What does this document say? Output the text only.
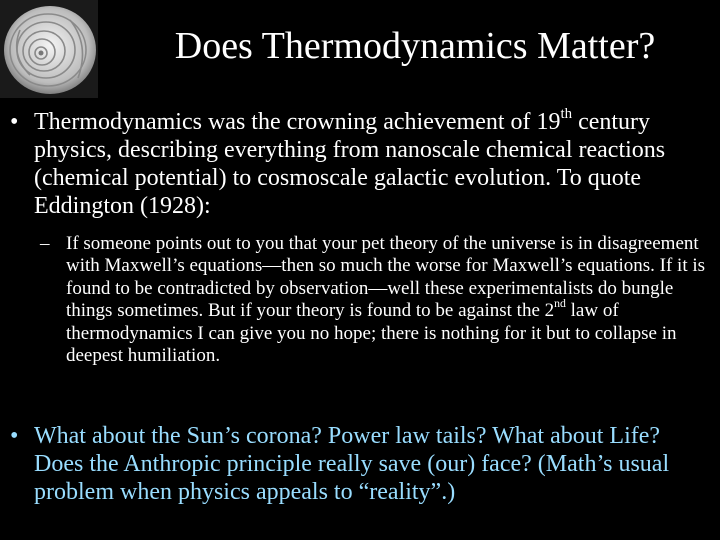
Does Thermodynamics Matter?
• Thermodynamics was the crowning achievement of 19th century physics, describing everything from nanoscale chemical reactions (chemical potential) to cosmoscale galactic evolution. To quote Eddington (1928):
– If someone points out to you that your pet theory of the universe is in disagreement with Maxwell’s equations—then so much the worse for Maxwell’s equations. If it is found to be contradicted by observation—well these experimentalists do bungle things sometimes. But if your theory is found to be against the 2nd law of thermodynamics I can give you no hope; there is nothing for it but to collapse in deepest humiliation.
• What about the Sun’s corona? Power law tails? What about Life? Does the Anthropic principle really save (our) face? (Math’s usual problem when physics appeals to “reality”.)
